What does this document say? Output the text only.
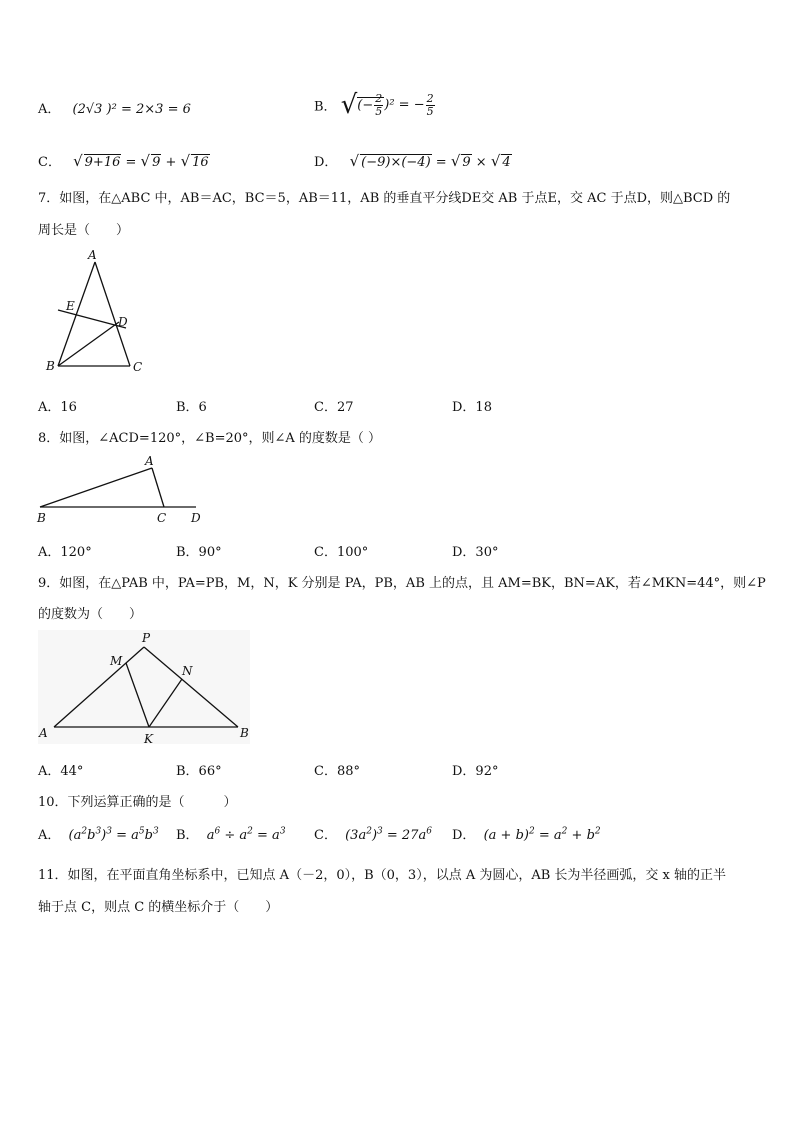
A． (2√3 )² = 2×3 = 6	B． √(− $\frac{2}{5} )^2$ = − $\frac{2}{5}$
C． √ 9+16 = √ 9 + √ 16	D． √ (−9)×(−4) = √ 9 × √ 4
7．如图，在△ABC 中，AB＝AC，BC＝5，AB＝11，AB 的垂直平分线DE交 AB 于点E，交 AC 于点D，则△BCD 的
周长是（　　）
A
E
D
B	C
A．16	B．6	C．27	D．18
8．如图，∠ACD=120°，∠B=20°，则∠A 的度数是（ ）
A
B	C D
A．120°	B．90°	C．100°	D．30°
9．如图，在△PAB 中，PA=PB，M，N，K 分别是 PA，PB，AB 上的点，且 AM=BK，BN=AK，若∠MKN=44°，则∠P
的度数为（　　）
P
M
N
A	K	B
A．44°	B．66°	C．88°	D．92°
10．下列运算正确的是（　　　）
A． $(a^2b^3)^3 = a^5b^3$ B． $a^6 \div a^2 = a^3$ C． $(3a^2)^3 = 27a^6$ D． $(a + b)^2 = a^2 + b^2$
11．如图，在平面直角坐标系中，已知点 A（－2，0），B（0，3），以点 A 为圆心，AB 长为半径画弧，交 x 轴的正半
轴于点 C，则点 C 的横坐标介于（　　）
